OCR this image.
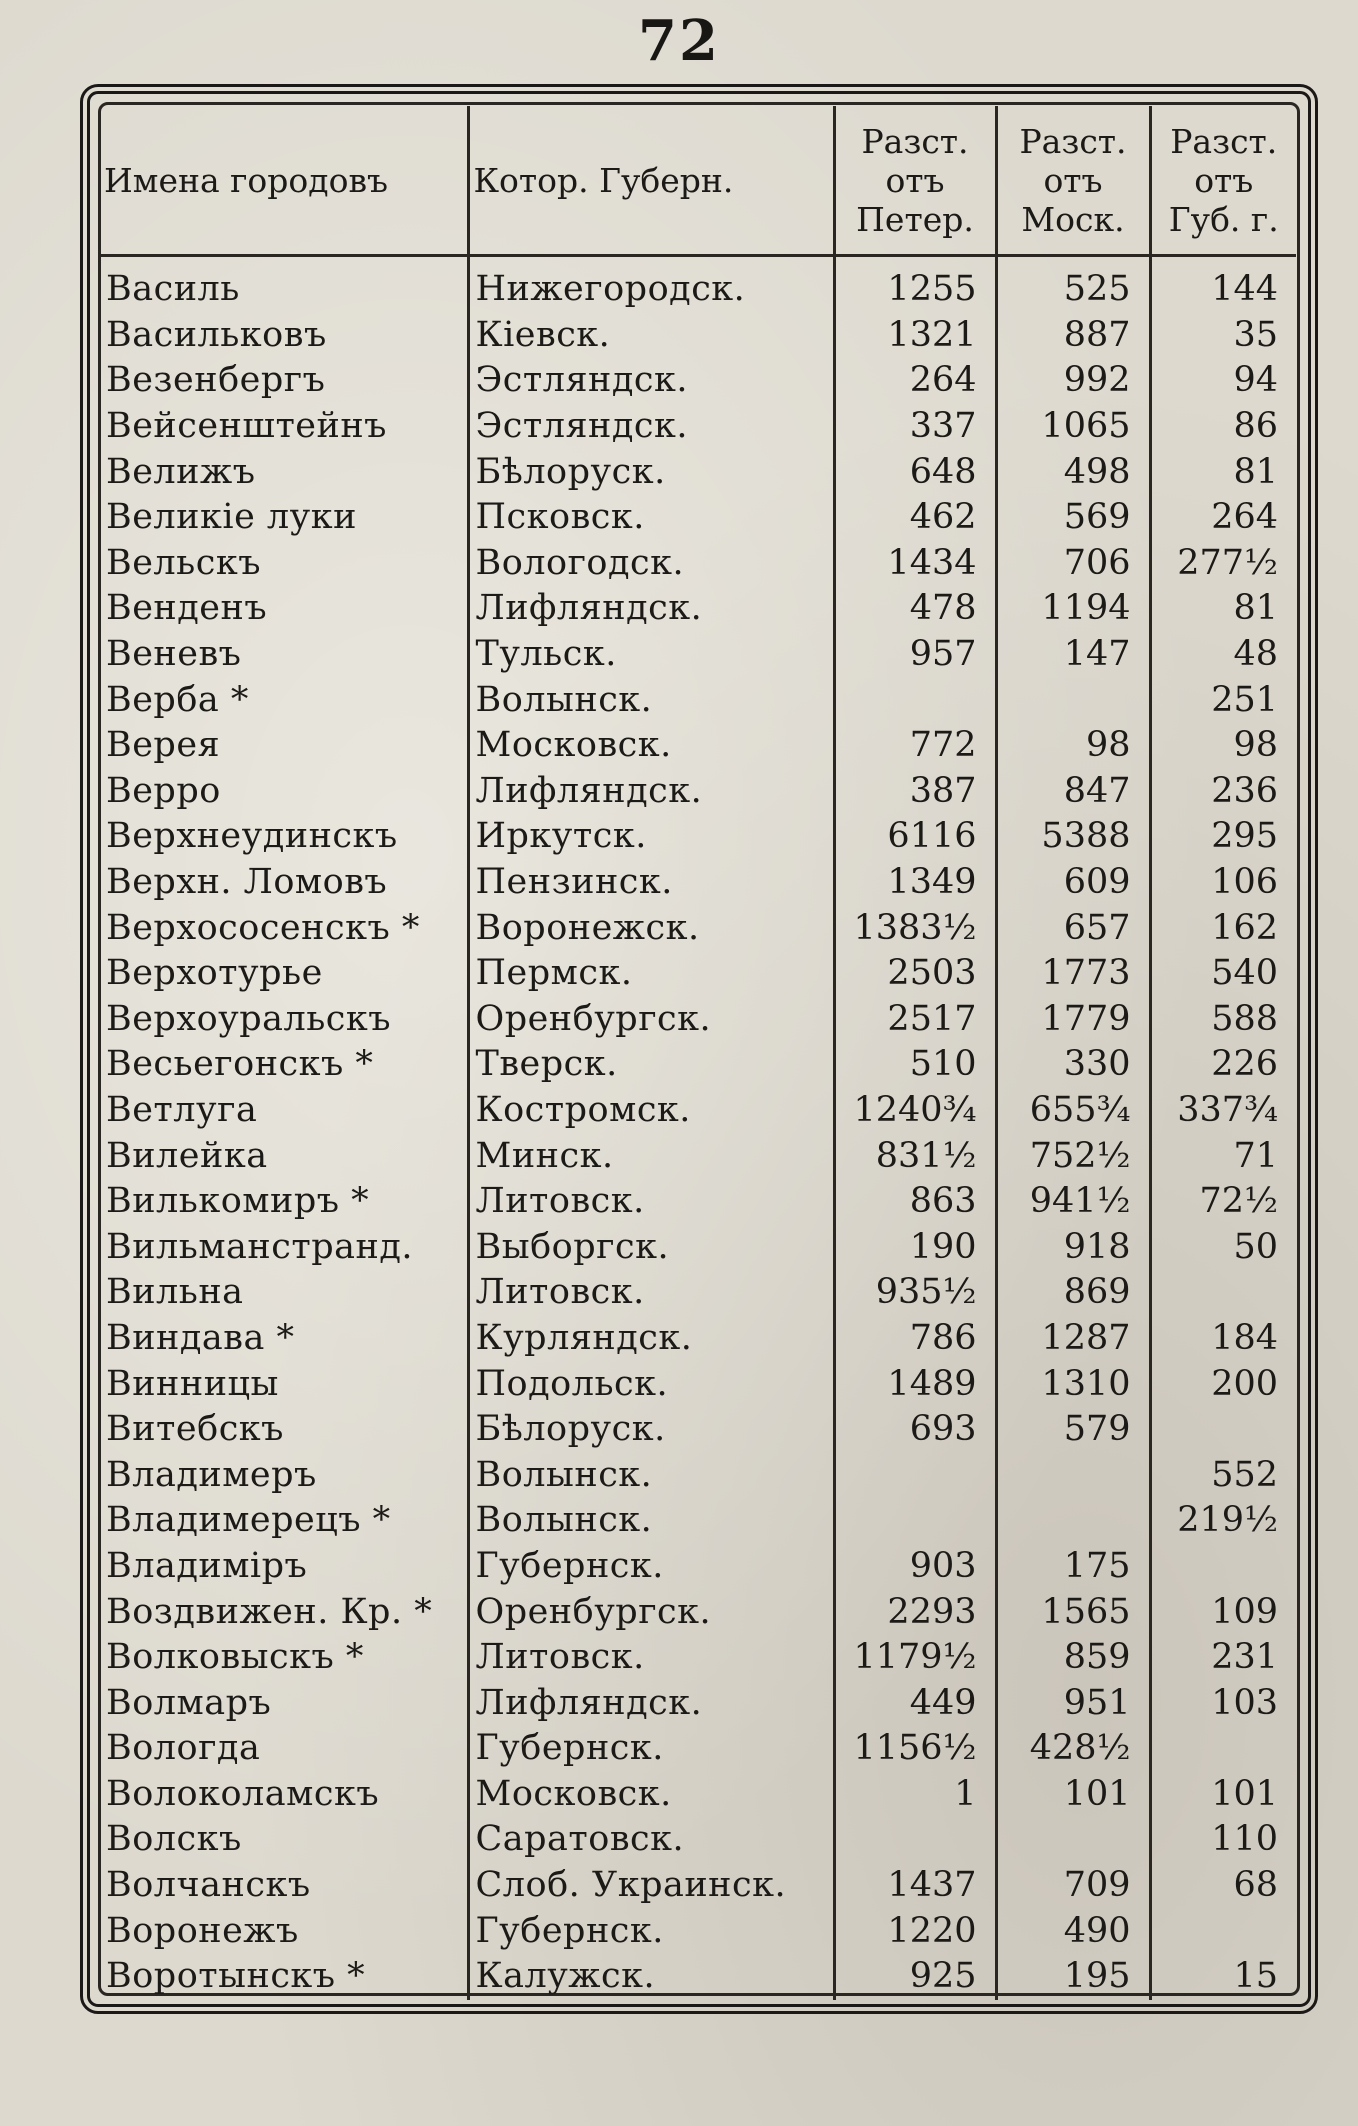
72
Имена городовъ	Котор. Губерн.	Разст. отъ Петер.	Разст. отъ Моск.	Разст. отъ Губ. г.
Василь	Нижегородск.	1255	525	144
Васильковъ	Кіевск.	1321	887	35
Везенбергъ	Эстляндск.	264	992	94
Вейсенштейнъ	Эстляндск.	337	1065	86
Велижъ	Бѣлоруск.	648	498	81
Великіе луки	Псковск.	462	569	264
Вельскъ	Вологодск.	1434	706	277½
Венденъ	Лифляндск.	478	1194	81
Веневъ	Тульск.	957	147	48
Верба *	Волынск.			251
Верея	Московск.	772	98	98
Верро	Лифляндск.	387	847	236
Верхнеудинскъ	Иркутск.	6116	5388	295
Верхн. Ломовъ	Пензинск.	1349	609	106
Верхососенскъ *	Воронежск.	1383½	657	162
Верхотурье	Пермск.	2503	1773	540
Верхоуральскъ	Оренбургск.	2517	1779	588
Весьегонскъ *	Тверск.	510	330	226
Ветлуга	Костромск.	1240¾	655¾	337¾
Вилейка	Минск.	831½	752½	71
Вилькомиръ *	Литовск.	863	941½	72½
Вильманстранд.	Выборгск.	190	918	50
Вильна	Литовск.	935½	869	
Виндава *	Курляндск.	786	1287	184
Винницы	Подольск.	1489	1310	200
Витебскъ	Бѣлоруск.	693	579	
Владимеръ	Волынск.			552
Владимерецъ *	Волынск.			219½
Владиміръ	Губернск.	903	175	
Воздвижен. Кр. *	Оренбургск.	2293	1565	109
Волковыскъ *	Литовск.	1179½	859	231
Волмаръ	Лифляндск.	449	951	103
Вологда	Губернск.	1156½	428½	
Волоколамскъ	Московск.	1	101	101
Волскъ	Саратовск.			110
Волчанскъ	Слоб. Украинск.	1437	709	68
Воронежъ	Губернск.	1220	490	
Воротынскъ *	Калужск.	925	195	15
